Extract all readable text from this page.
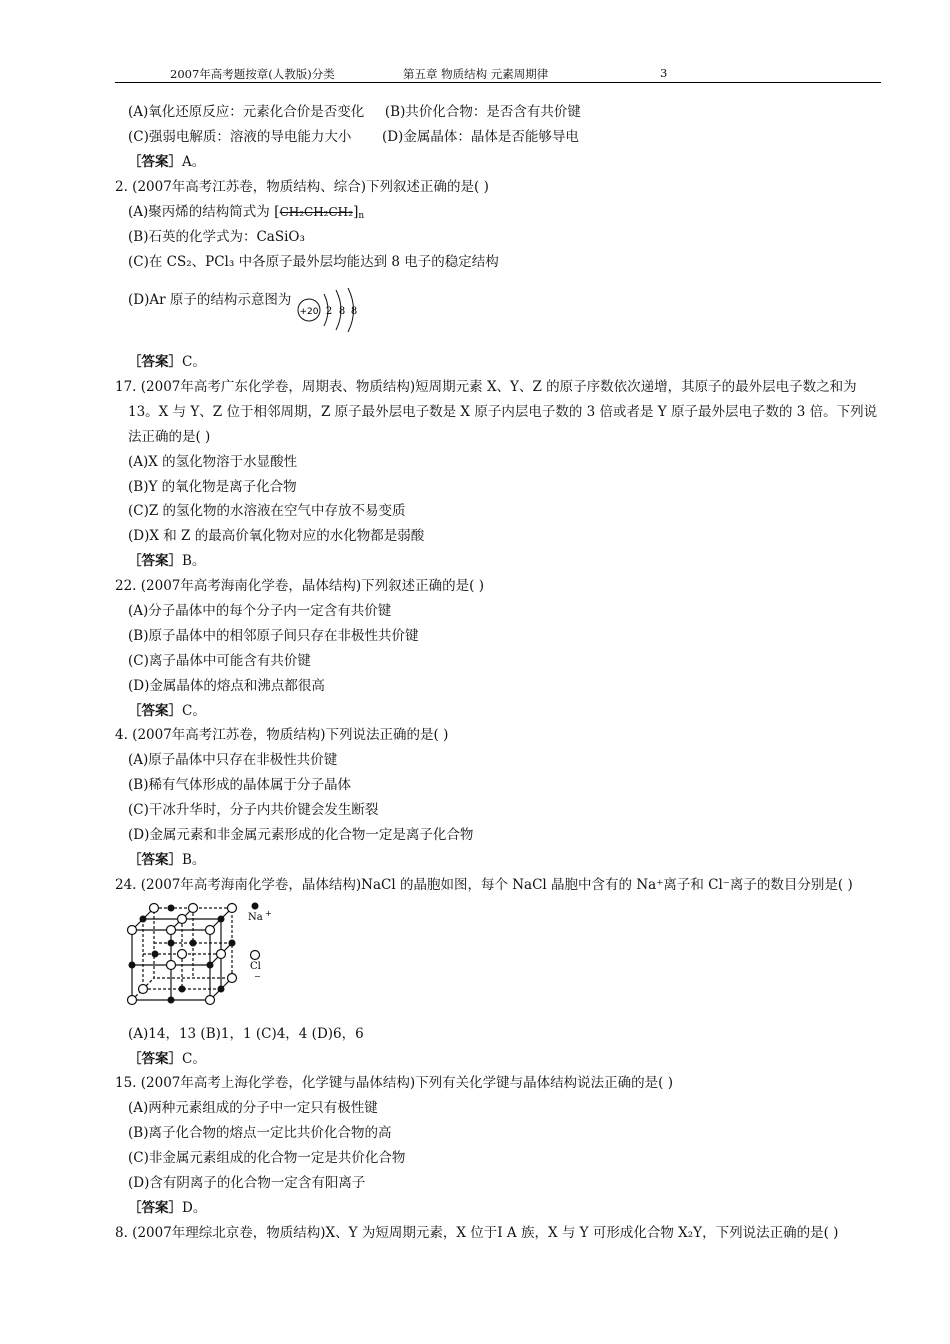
2007年高考题按章(人教版)分类	第五章 物质结构 元素周期律	3
(A)氧化还原反应：元素化合价是否变化 (B)共价化合物：是否含有共价键
(C)强弱电解质：溶液的导电能力大小 (D)金属晶体：晶体是否能够导电
［答案］A。
2. (2007年高考江苏卷，物质结构、综合)下列叙述正确的是( )
(A)聚丙烯的结构简式为 $[CH_2CH_2CH_2]_n$
(B)石英的化学式为：CaSiO₃
(C)在 CS₂、PCl₃ 中各原子最外层均能达到 8 电子的稳定结构
(D)Ar 原子的结构示意图为
+20 2 8 8
［答案］C。
17. (2007年高考广东化学卷，周期表、物质结构)短周期元素 X、Y、Z 的原子序数依次递增，其原子的最外层电子数之和为
13。X 与 Y、Z 位于相邻周期，Z 原子最外层电子数是 X 原子内层电子数的 3 倍或者是 Y 原子最外层电子数的 3 倍。下列说
法正确的是( )
(A)X 的氢化物溶于水显酸性
(B)Y 的氧化物是离子化合物
(C)Z 的氢化物的水溶液在空气中存放不易变质
(D)X 和 Z 的最高价氧化物对应的水化物都是弱酸
［答案］B。
22. (2007年高考海南化学卷，晶体结构)下列叙述正确的是( )
(A)分子晶体中的每个分子内一定含有共价键
(B)原子晶体中的相邻原子间只存在非极性共价键
(C)离子晶体中可能含有共价键
(D)金属晶体的熔点和沸点都很高
［答案］C。
4. (2007年高考江苏卷，物质结构)下列说法正确的是( )
(A)原子晶体中只存在非极性共价键
(B)稀有气体形成的晶体属于分子晶体
(C)干冰升华时，分子内共价键会发生断裂
(D)金属元素和非金属元素形成的化合物一定是离子化合物
［答案］B。
24. (2007年高考海南化学卷，晶体结构)NaCl 的晶胞如图，每个 NaCl 晶胞中含有的 Na⁺离子和 Cl⁻离子的数目分别是( )
Na +
Cl
−
(A)14，13 (B)1，1 (C)4，4 (D)6，6
［答案］C。
15. (2007年高考上海化学卷，化学键与晶体结构)下列有关化学键与晶体结构说法正确的是( )
(A)两种元素组成的分子中一定只有极性键
(B)离子化合物的熔点一定比共价化合物的高
(C)非金属元素组成的化合物一定是共价化合物
(D)含有阴离子的化合物一定含有阳离子
［答案］D。
8. (2007年理综北京卷，物质结构)X、Y 为短周期元素，X 位于I A 族，X 与 Y 可形成化合物 X₂Y，下列说法正确的是( )
